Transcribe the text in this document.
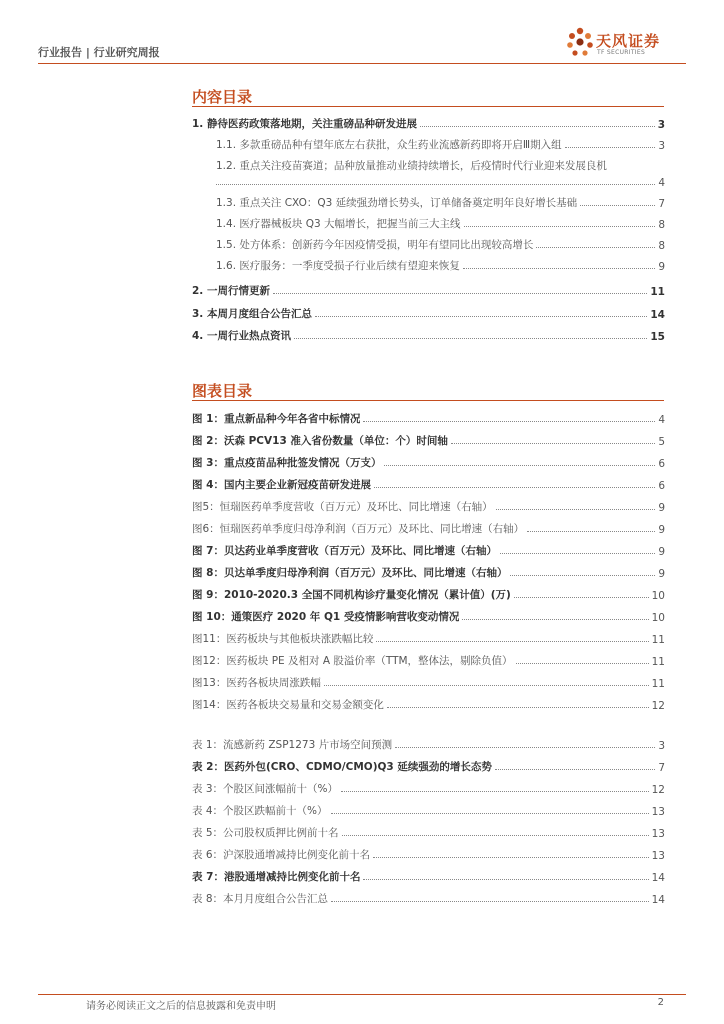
行业报告 | 行业研究周报
天风证券
TF SECURITIES
内容目录
1. 静待医药政策落地期，关注重磅品种研发进展	3
1.1. 多款重磅品种有望年底左右获批，众生药业流感新药即将开启Ⅲ期入组	3
1.2. 重点关注疫苗赛道；品种放量推动业绩持续增长，后疫情时代行业迎来发展良机
4
1.3. 重点关注 CXO：Q3 延续强劲增长势头，订单储备奠定明年良好增长基础	7
1.4. 医疗器械板块 Q3 大幅增长，把握当前三大主线	8
1.5. 处方体系：创新药今年因疫情受损，明年有望同比出现较高增长	8
1.6. 医疗服务：一季度受损子行业后续有望迎来恢复	9
2. 一周行情更新	11
3. 本周月度组合公告汇总	14
4. 一周行业热点资讯	15
图表目录
图 1：重点新品种今年各省中标情况	4
图 2：沃森 PCV13 准入省份数量（单位：个）时间轴	5
图 3：重点疫苗品种批签发情况（万支）	6
图 4：国内主要企业新冠疫苗研发进展	6
图5：恒瑞医药单季度营收（百万元）及环比、同比增速（右轴）	9
图6：恒瑞医药单季度归母净利润（百万元）及环比、同比增速（右轴）	9
图 7：贝达药业单季度营收（百万元）及环比、同比增速（右轴）	9
图 8：贝达单季度归母净利润（百万元）及环比、同比增速（右轴）	9
图 9：2010-2020.3 全国不同机构诊疗量变化情况（累计值）(万)	10
图 10：通策医疗 2020 年 Q1 受疫情影响营收变动情况	10
图11：医药板块与其他板块涨跌幅比较	11
图12：医药板块 PE 及相对 A 股溢价率（TTM，整体法，剔除负值）	11
图13：医药各板块周涨跌幅	11
图14：医药各板块交易量和交易金额变化	12
表 1：流感新药 ZSP1273 片市场空间预测	3
表 2：医药外包(CRO、CDMO/CMO)Q3 延续强劲的增长态势	7
表 3：个股区间涨幅前十（%）	12
表 4：个股区跌幅前十（%）	13
表 5：公司股权质押比例前十名	13
表 6：沪深股通增减持比例变化前十名	13
表 7：港股通增减持比例变化前十名	14
表 8：本月月度组合公告汇总	14
请务必阅读正文之后的信息披露和免责申明	2
